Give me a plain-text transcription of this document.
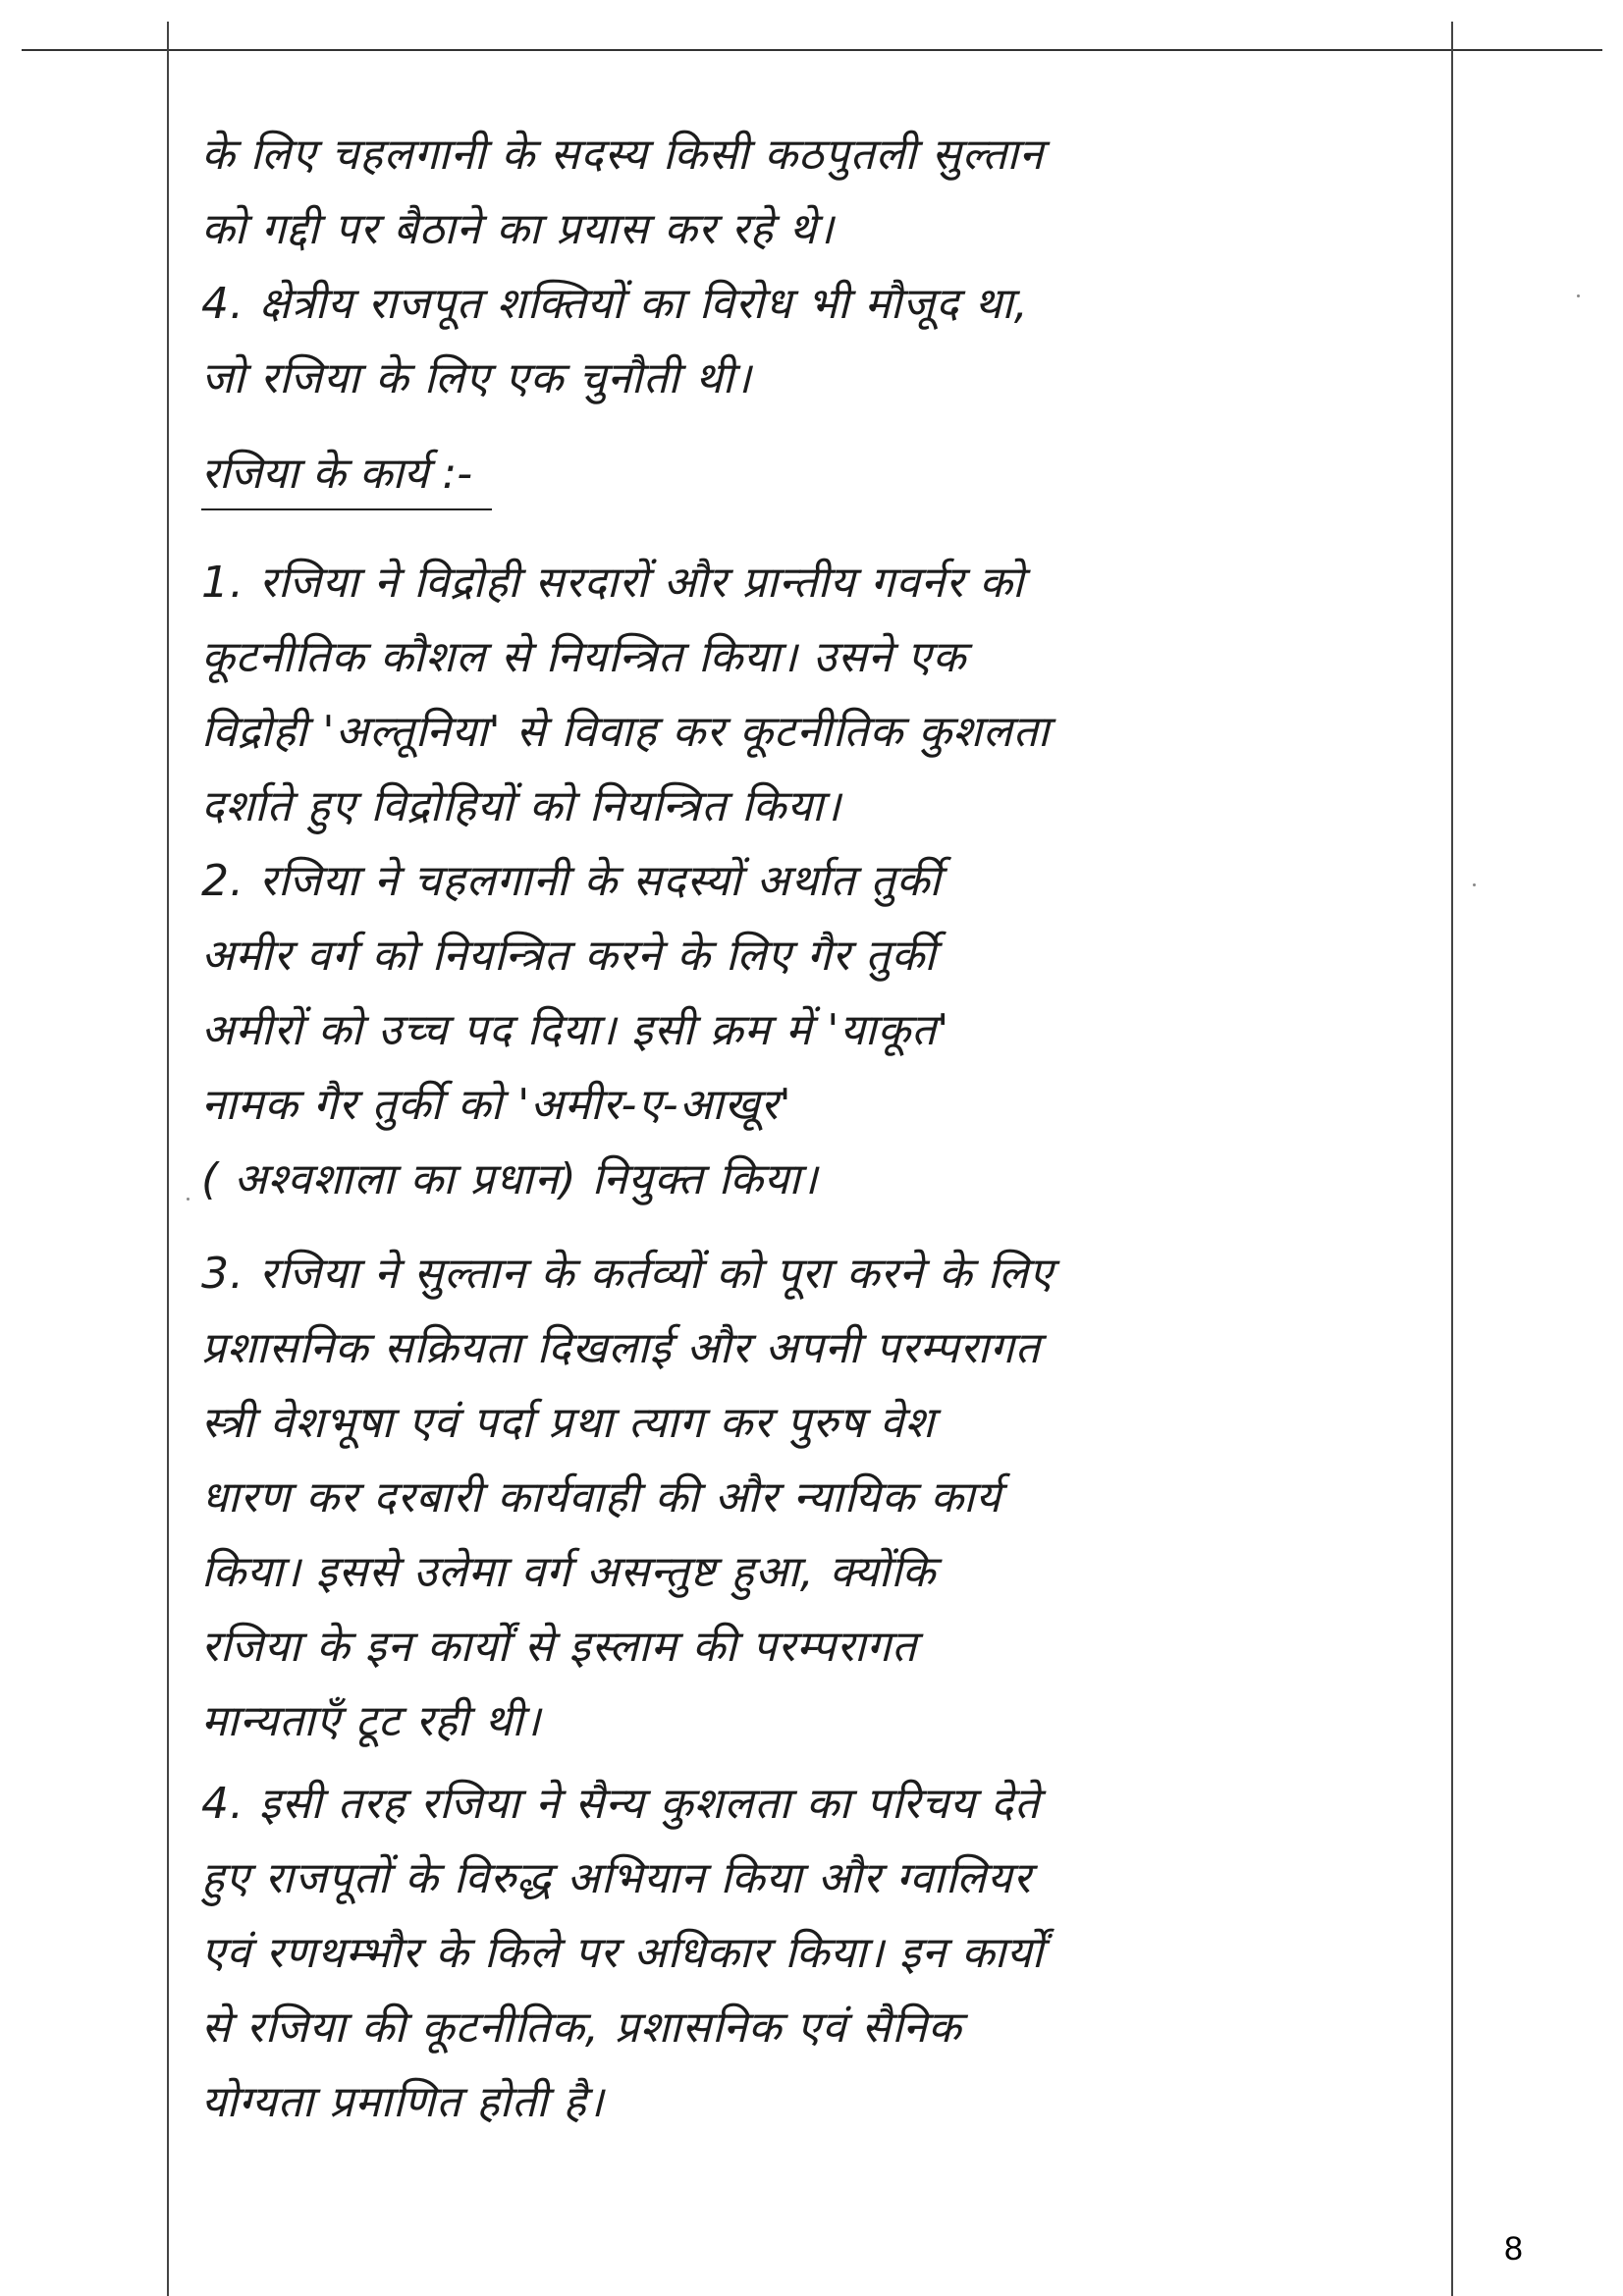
के लिए चहलगानी के सदस्य किसी कठपुतली सुल्तान
को गद्दी पर बैठाने का प्रयास कर रहे थे।
4. क्षेत्रीय राजपूत शक्तियों का विरोध भी मौजूद था,
जो रजिया के लिए एक चुनौती थी।
रजिया के कार्य :-
1. रजिया ने विद्रोही सरदारों और प्रान्तीय गवर्नर को
कूटनीतिक कौशल से नियन्त्रित किया। उसने एक
विद्रोही 'अल्तूनिया' से विवाह कर कूटनीतिक कुशलता
दर्शाते हुए विद्रोहियों को नियन्त्रित किया।
2. रजिया ने चहलगानी के सदस्यों अर्थात तुर्की
अमीर वर्ग को नियन्त्रित करने के लिए गैर तुर्की
अमीरों को उच्च पद दिया। इसी क्रम में 'याकूत'
नामक गैर तुर्की को 'अमीर-ए-आखूर'
( अश्वशाला का प्रधान) नियुक्त किया।
3. रजिया ने सुल्तान के कर्तव्यों को पूरा करने के लिए
प्रशासनिक सक्रियता दिखलाई और अपनी परम्परागत
स्त्री वेशभूषा एवं पर्दा प्रथा त्याग कर पुरुष वेश
धारण कर दरबारी कार्यवाही की और न्यायिक कार्य
किया। इससे उलेमा वर्ग असन्तुष्ट हुआ, क्योंकि
रजिया के इन कार्यों से इस्लाम की परम्परागत
मान्यताएँ टूट रही थी।
4. इसी तरह रजिया ने सैन्य कुशलता का परिचय देते
हुए राजपूतों के विरुद्ध अभियान किया और ग्वालियर
एवं रणथम्भौर के किले पर अधिकार किया। इन कार्यों
से रजिया की कूटनीतिक, प्रशासनिक एवं सैनिक
योग्यता प्रमाणित होती है।
8
